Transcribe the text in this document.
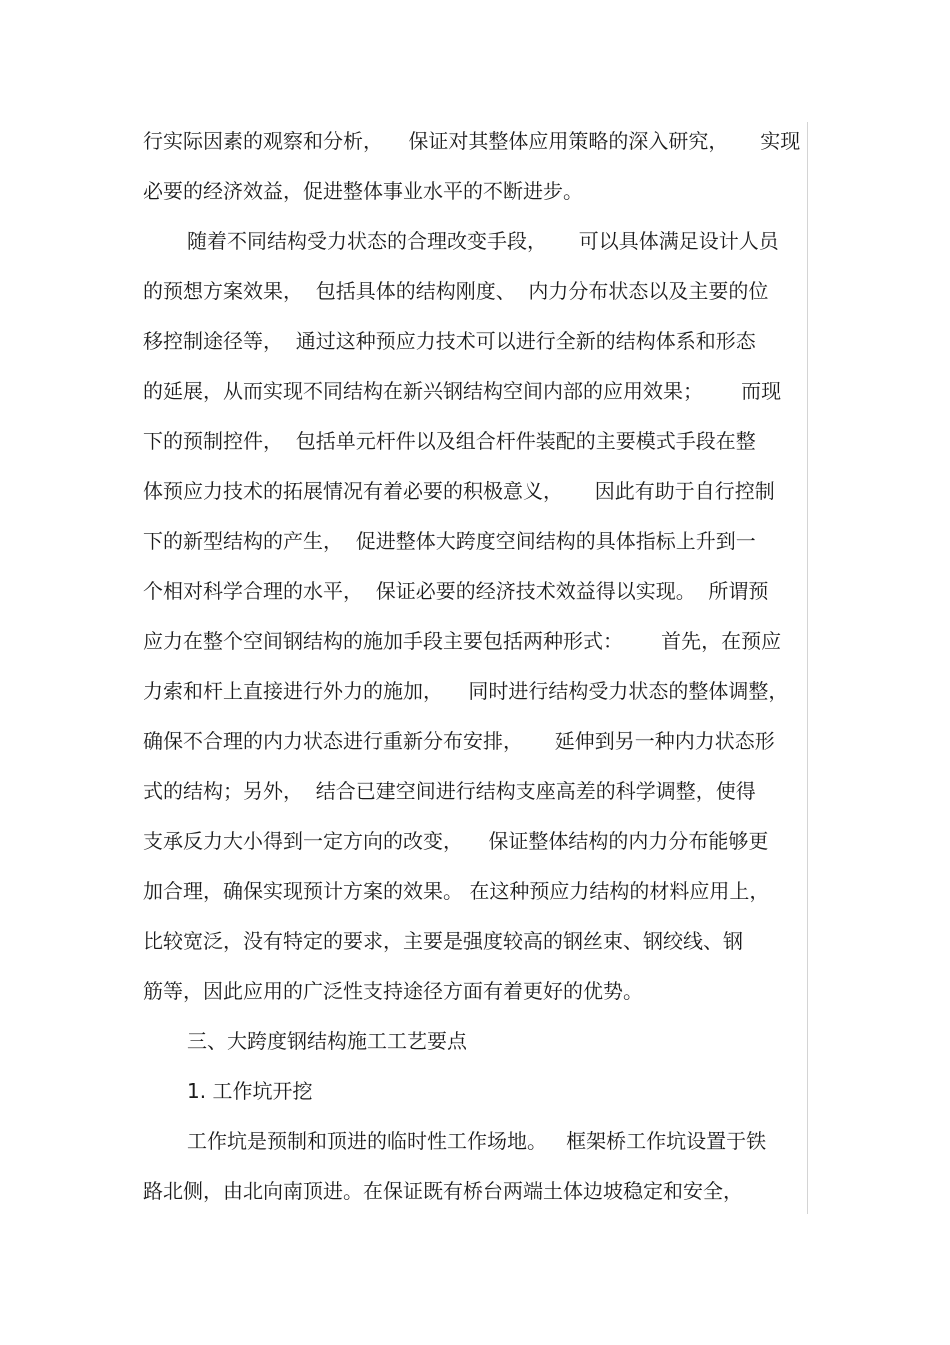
行实际因素的观察和分析，    保证对其整体应用策略的深入研究，     实现
必要的经济效益，促进整体事业水平的不断进步。
随着不同结构受力状态的合理改变手段，     可以具体满足设计人员
的预想方案效果，  包括具体的结构刚度、  内力分布状态以及主要的位
移控制途径等，  通过这种预应力技术可以进行全新的结构体系和形态
的延展，从而实现不同结构在新兴钢结构空间内部的应用效果；      而现
下的预制控件，  包括单元杆件以及组合杆件装配的主要模式手段在整
体预应力技术的拓展情况有着必要的积极意义，     因此有助于自行控制
下的新型结构的产生，  促进整体大跨度空间结构的具体指标上升到一
个相对科学合理的水平，  保证必要的经济技术效益得以实现。  所谓预
应力在整个空间钢结构的施加手段主要包括两种形式：      首先，在预应
力索和杆上直接进行外力的施加，    同时进行结构受力状态的整体调整，
确保不合理的内力状态进行重新分布安排，     延伸到另一种内力状态形
式的结构；另外，  结合已建空间进行结构支座高差的科学调整，使得
支承反力大小得到一定方向的改变，    保证整体结构的内力分布能够更
加合理，确保实现预计方案的效果。 在这种预应力结构的材料应用上，
比较宽泛，没有特定的要求，主要是强度较高的钢丝束、钢绞线、钢
筋等，因此应用的广泛性支持途径方面有着更好的优势。
三、大跨度钢结构施工工艺要点
1. 工作坑开挖
工作坑是预制和顶进的临时性工作场地。   框架桥工作坑设置于铁
路北侧，由北向南顶进。在保证既有桥台两端土体边坡稳定和安全，
